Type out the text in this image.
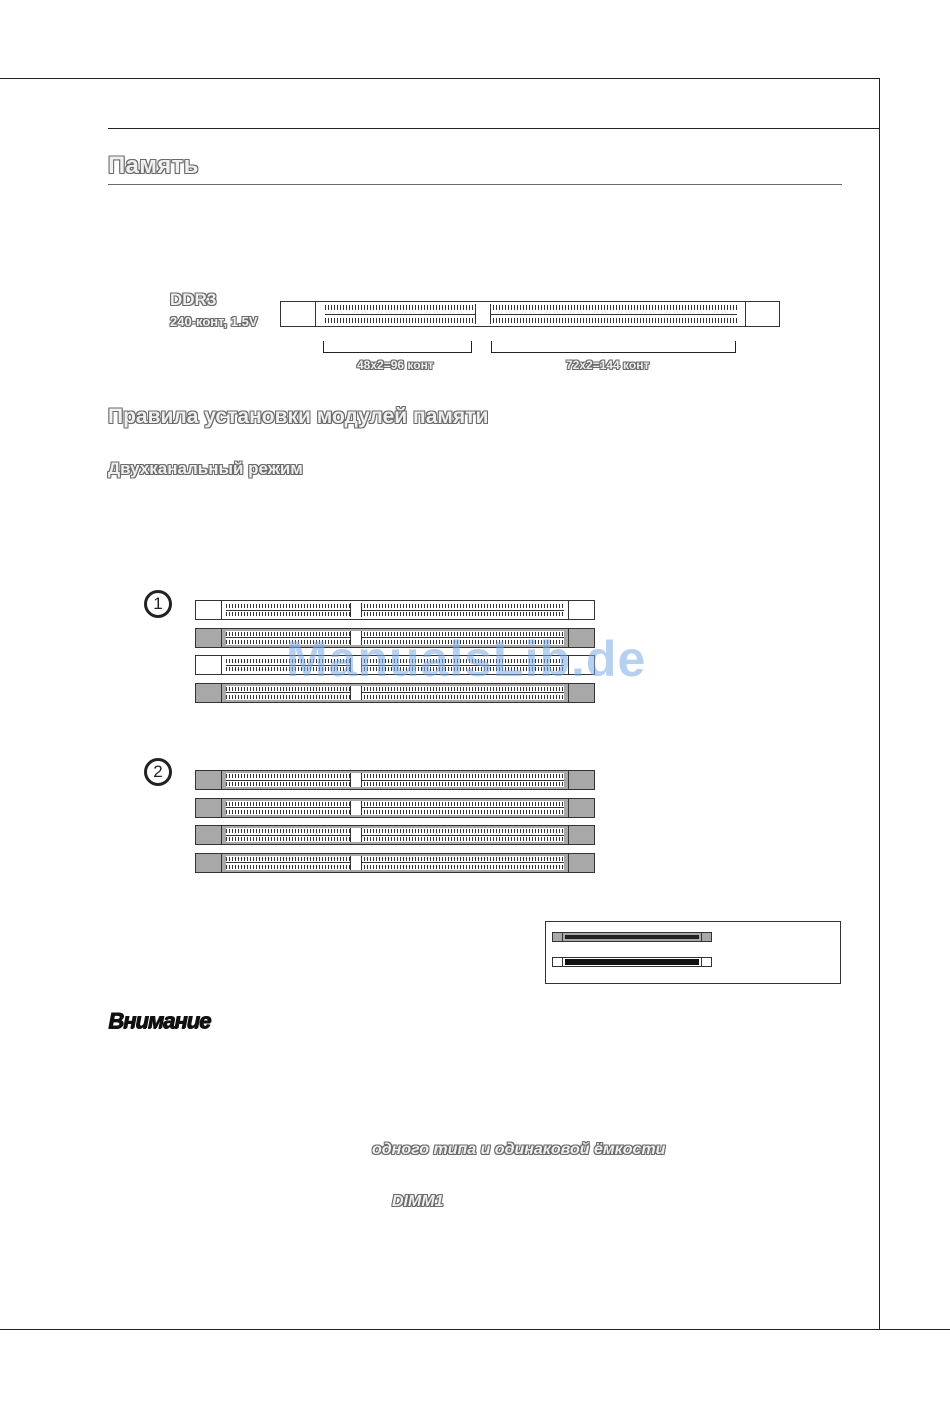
Память
DDR3
240-конт, 1.5V
48x2=96 конт	72x2=144 конт
Правила установки модулей памяти
Двухканальный режим
1
2
Внимание
одного типа и одинаковой ёмкости
DIMM1
ManualsLib.de
